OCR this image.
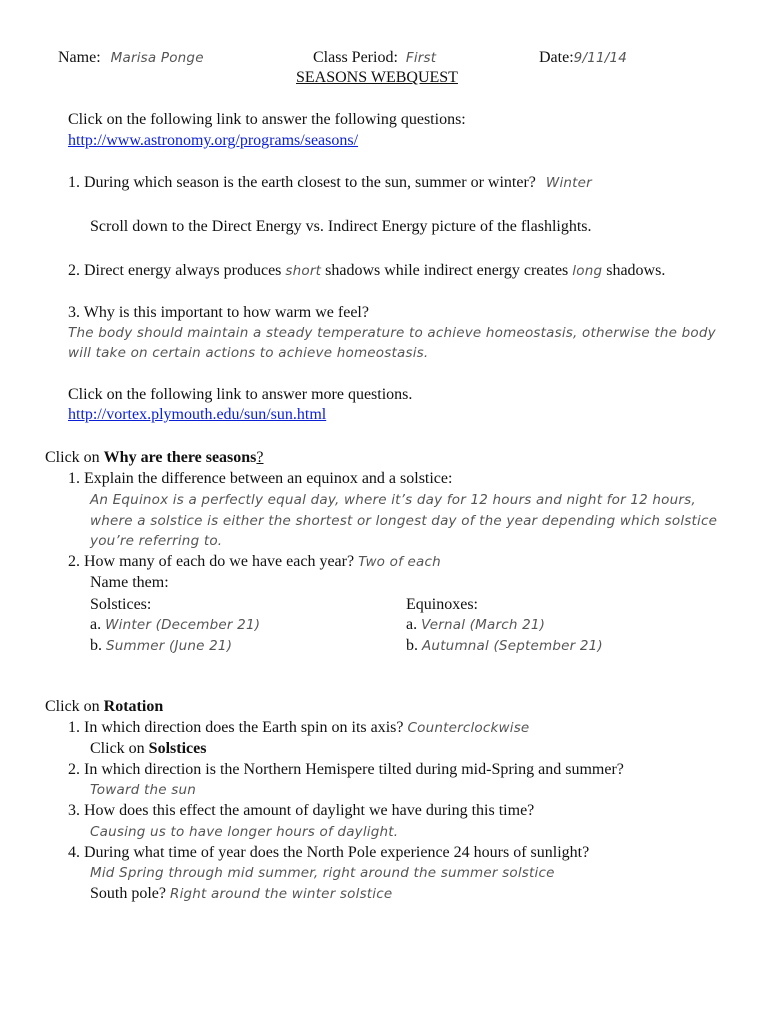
Name: Marisa Ponge	Class Period: First	Date:9/11/14
SEASONS WEBQUEST
Click on the following link to answer the following questions:
http://www.astronomy.org/programs/seasons/
1. During which season is the earth closest to the sun, summer or winter? Winter
Scroll down to the Direct Energy vs. Indirect Energy picture of the flashlights.
2. Direct energy always produces short shadows while indirect energy creates long shadows.
3. Why is this important to how warm we feel?
The body should maintain a steady temperature to achieve homeostasis, otherwise the body
will take on certain actions to achieve homeostasis.
Click on the following link to answer more questions.
http://vortex.plymouth.edu/sun/sun.html
Click on Why are there seasons?
1. Explain the difference between an equinox and a solstice:
An Equinox is a perfectly equal day, where it’s day for 12 hours and night for 12 hours,
where a solstice is either the shortest or longest day of the year depending which solstice
you’re referring to.
2. How many of each do we have each year? Two of each
Name them:
Solstices:	Equinoxes:
a. Winter (December 21)	a. Vernal (March 21)
b. Summer (June 21)	b. Autumnal (September 21)
Click on Rotation
1. In which direction does the Earth spin on its axis? Counterclockwise
Click on Solstices
2. In which direction is the Northern Hemispere tilted during mid-Spring and summer?
Toward the sun
3. How does this effect the amount of daylight we have during this time?
Causing us to have longer hours of daylight.
4. During what time of year does the North Pole experience 24 hours of sunlight?
Mid Spring through mid summer, right around the summer solstice
South pole? Right around the winter solstice
